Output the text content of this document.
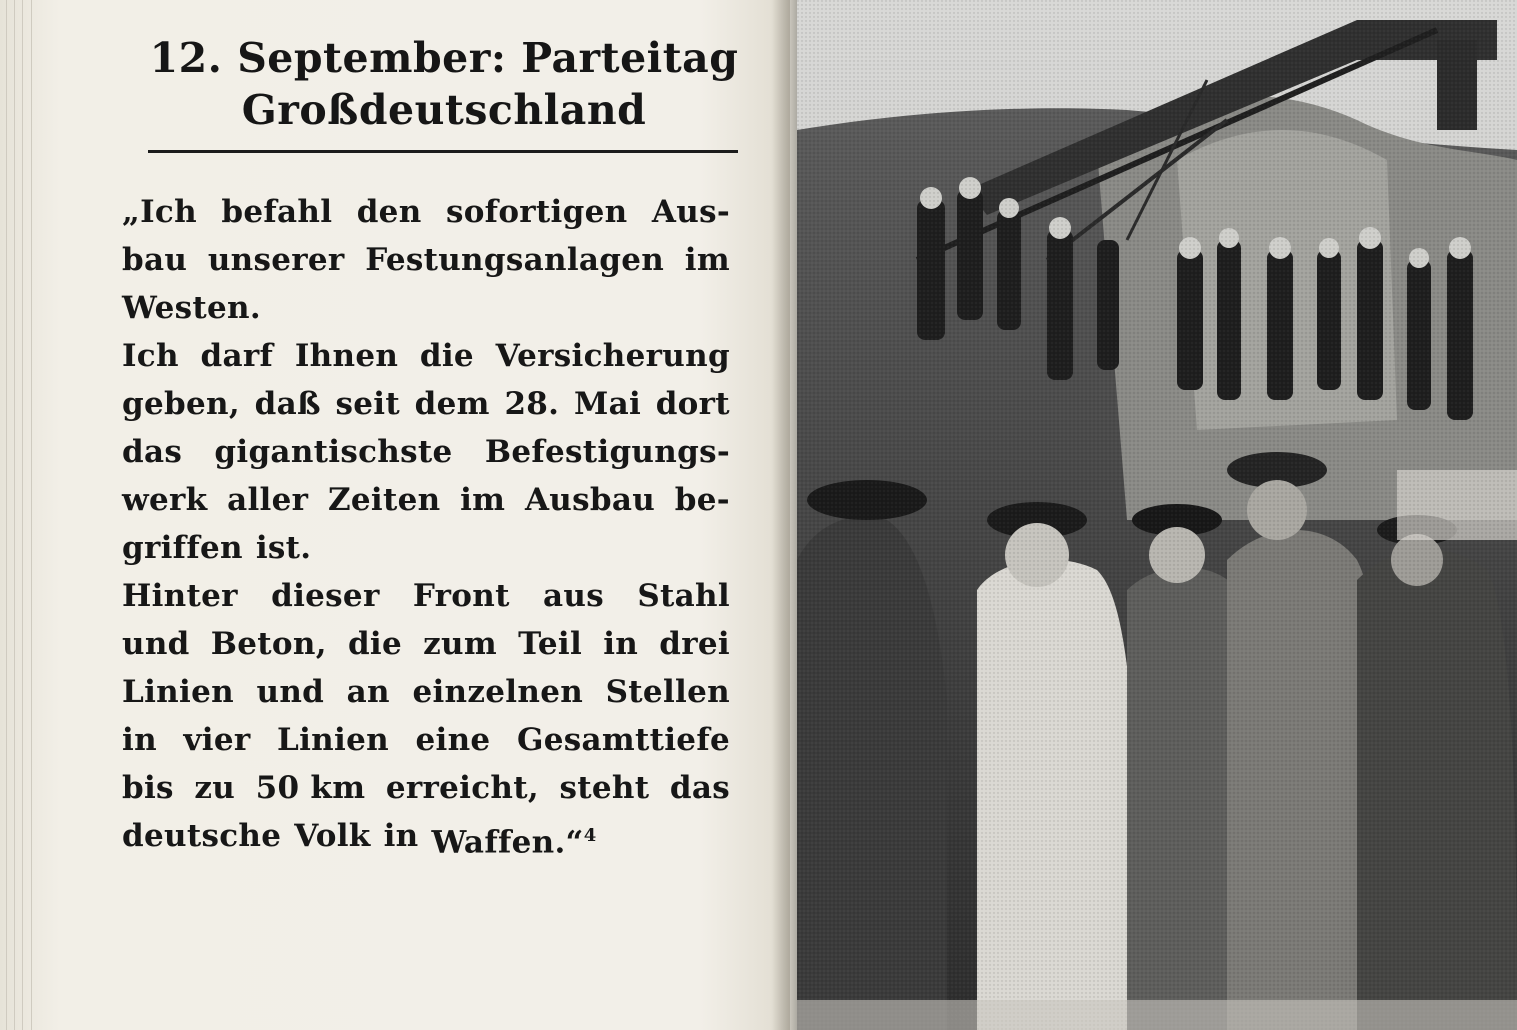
12. September: Parteitag
Großdeutschland
„Ich befahl den sofortigen Aus-
bau unserer Festungsanlagen im
Westen.
Ich darf Ihnen die Versicherung
geben, daß seit dem 28. Mai dort
das gigantischste Befestigungs-
werk aller Zeiten im Ausbau be-
griffen ist.
Hinter dieser Front aus Stahl
und Beton, die zum Teil in drei
Linien und an einzelnen Stellen
in vier Linien eine Gesamttiefe
bis zu 50 km erreicht, steht das
deutsche Volk in Waffen.“$^4$
